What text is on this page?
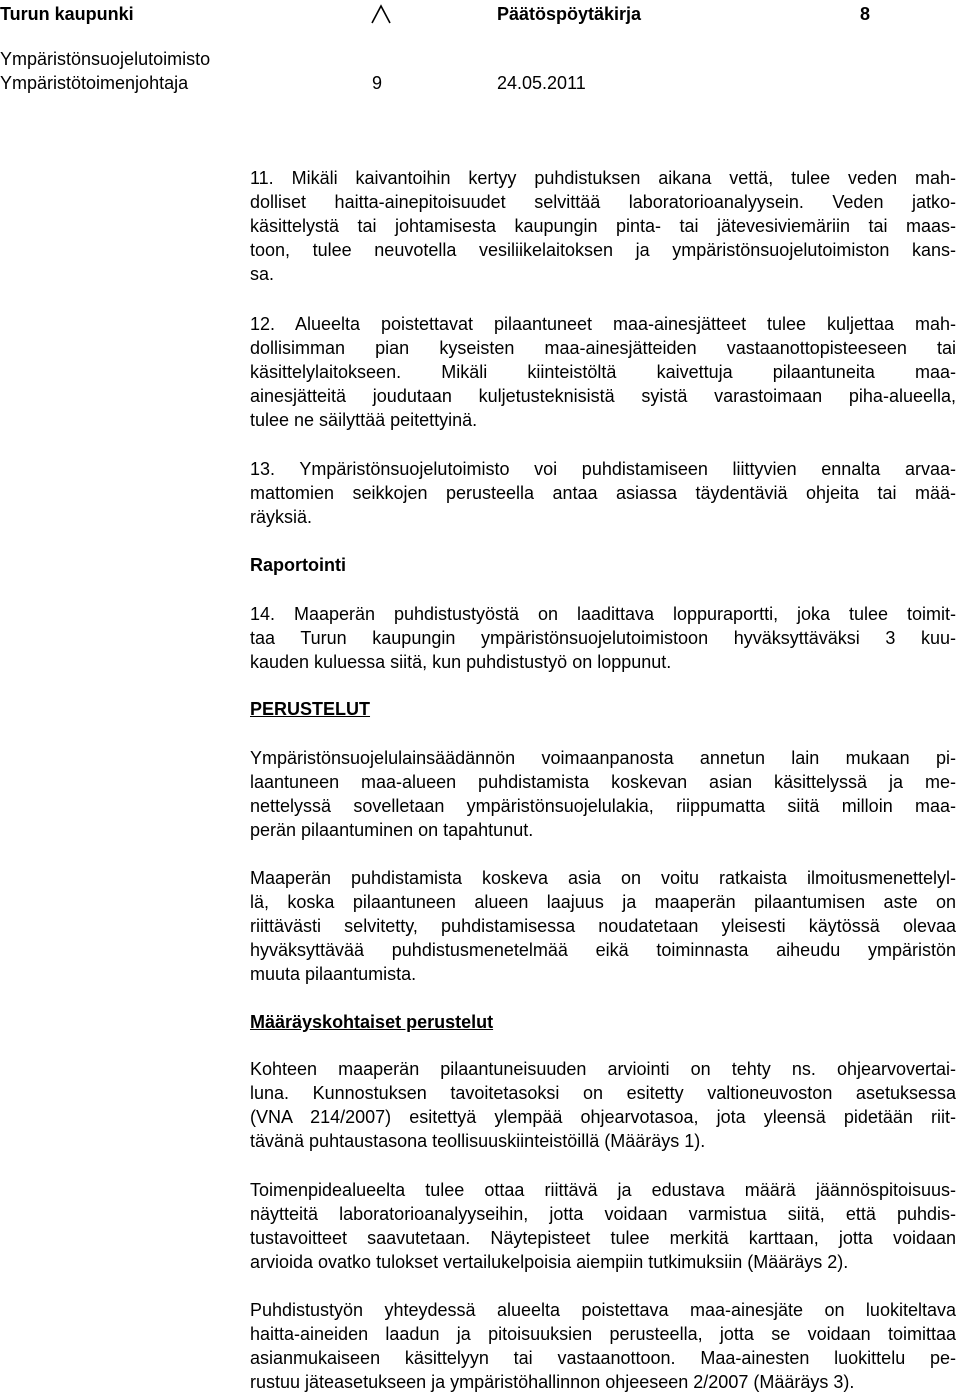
Turun kaupunki	Päätöspöytäkirja	8
Ympäristönsuojelutoimisto
Ympäristötoimenjohtaja	9	24.05.2011
11. Mikäli kaivantoihin kertyy puhdistuksen aikana vettä, tulee veden mah-
dolliset haitta-ainepitoisuudet selvittää laboratorioanalyysein. Veden jatko-
käsittelystä tai johtamisesta kaupungin pinta- tai jätevesiviemäriin tai maas-
toon, tulee neuvotella vesiliikelaitoksen ja ympäristönsuojelutoimiston kans-
sa.
12. Alueelta poistettavat pilaantuneet maa-ainesjätteet tulee kuljettaa mah-
dollisimman pian kyseisten maa-ainesjätteiden vastaanottopisteeseen tai
käsittelylaitokseen. Mikäli kiinteistöltä kaivettuja pilaantuneita maa-
ainesjätteitä joudutaan kuljetusteknisistä syistä varastoimaan piha-alueella,
tulee ne säilyttää peitettyinä.
13. Ympäristönsuojelutoimisto voi puhdistamiseen liittyvien ennalta arvaa-
mattomien seikkojen perusteella antaa asiassa täydentäviä ohjeita tai mää-
räyksiä.
Raportointi
14. Maaperän puhdistustyöstä on laadittava loppuraportti, joka tulee toimit-
taa Turun kaupungin ympäristönsuojelutoimistoon hyväksyttäväksi 3 kuu-
kauden kuluessa siitä, kun puhdistustyö on loppunut.
PERUSTELUT
Ympäristönsuojelulainsäädännön voimaanpanosta annetun lain mukaan pi-
laantuneen maa-alueen puhdistamista koskevan asian käsittelyssä ja me-
nettelyssä sovelletaan ympäristönsuojelulakia, riippumatta siitä milloin maa-
perän pilaantuminen on tapahtunut.
Maaperän puhdistamista koskeva asia on voitu ratkaista ilmoitusmenettelyl-
lä, koska pilaantuneen alueen laajuus ja maaperän pilaantumisen aste on
riittävästi selvitetty, puhdistamisessa noudatetaan yleisesti käytössä olevaa
hyväksyttävää puhdistusmenetelmää eikä toiminnasta aiheudu ympäristön
muuta pilaantumista.
Määräyskohtaiset perustelut
Kohteen maaperän pilaantuneisuuden arviointi on tehty ns. ohjearvovertai-
luna. Kunnostuksen tavoitetasoksi on esitetty valtioneuvoston asetuksessa
(VNA 214/2007) esitettyä ylempää ohjearvotasoa, jota yleensä pidetään riit-
tävänä puhtaustasona teollisuuskiinteistöillä (Määräys 1).
Toimenpidealueelta tulee ottaa riittävä ja edustava määrä jäännöspitoisuus-
näytteitä laboratorioanalyyseihin, jotta voidaan varmistua siitä, että puhdis-
tustavoitteet saavutetaan. Näytepisteet tulee merkitä karttaan, jotta voidaan
arvioida ovatko tulokset vertailukelpoisia aiempiin tutkimuksiin (Määräys 2).
Puhdistustyön yhteydessä alueelta poistettava maa-ainesjäte on luokiteltava
haitta-aineiden laadun ja pitoisuuksien perusteella, jotta se voidaan toimittaa
asianmukaiseen käsittelyyn tai vastaanottoon. Maa-ainesten luokittelu pe-
rustuu jäteasetukseen ja ympäristöhallinnon ohjeeseen 2/2007 (Määräys 3).
